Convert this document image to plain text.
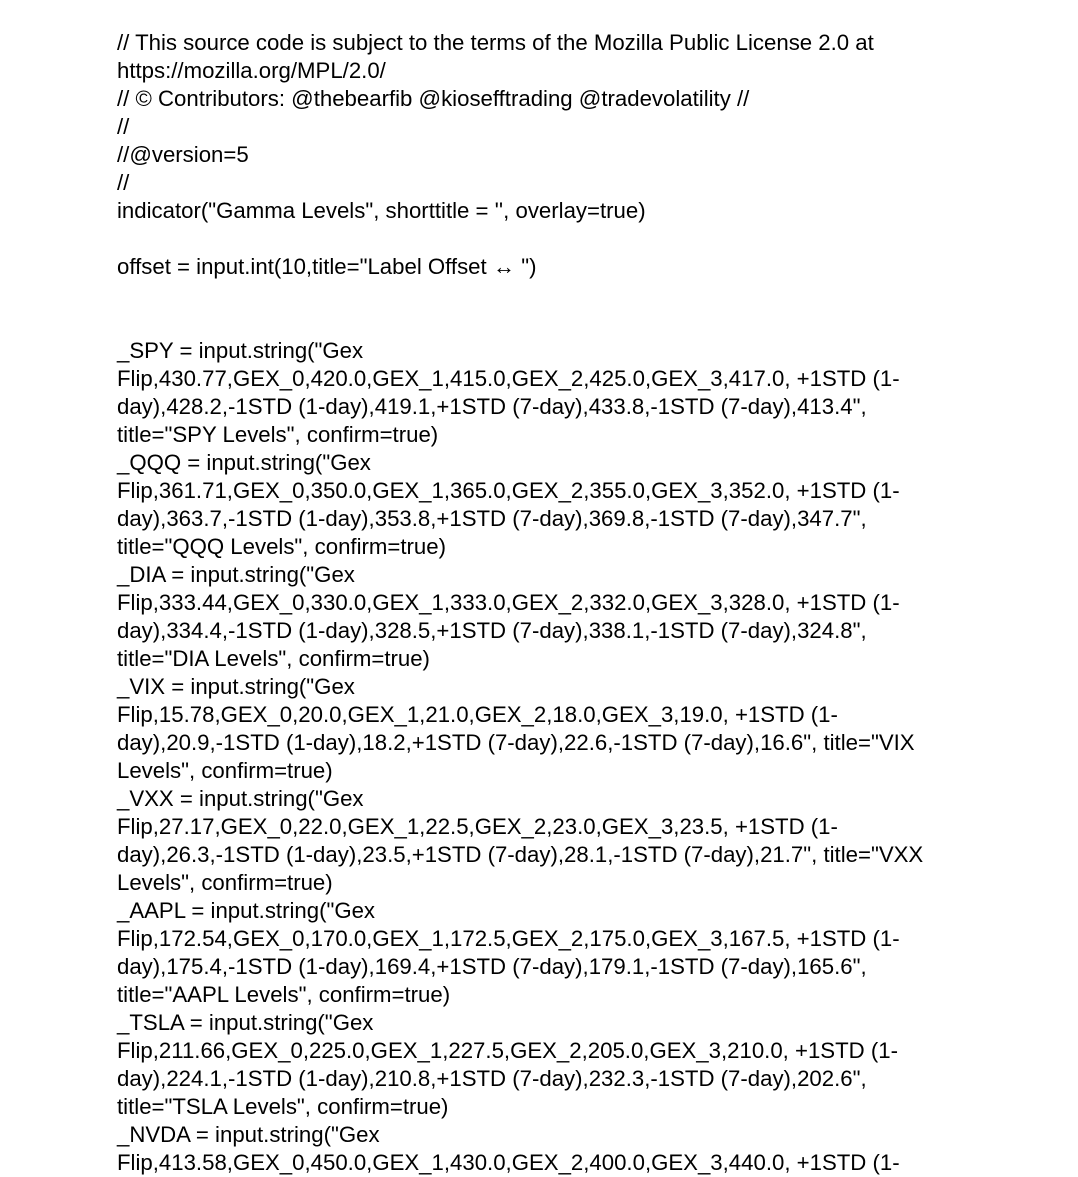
// This source code is subject to the terms of the Mozilla Public License 2.0 at
https://mozilla.org/MPL/2.0/
// © Contributors: @thebearfib @kiosefftrading @tradevolatility //
//
//@version=5
//
indicator("Gamma Levels", shorttitle = '', overlay=true)
offset = input.int(10,title="Label Offset ↔ ")
_SPY = input.string("Gex
Flip,430.77,GEX_0,420.0,GEX_1,415.0,GEX_2,425.0,GEX_3,417.0, +1STD (1-
day),428.2,-1STD (1-day),419.1,+1STD (7-day),433.8,-1STD (7-day),413.4",
title="SPY Levels", confirm=true)
_QQQ = input.string("Gex
Flip,361.71,GEX_0,350.0,GEX_1,365.0,GEX_2,355.0,GEX_3,352.0, +1STD (1-
day),363.7,-1STD (1-day),353.8,+1STD (7-day),369.8,-1STD (7-day),347.7",
title="QQQ Levels", confirm=true)
_DIA = input.string("Gex
Flip,333.44,GEX_0,330.0,GEX_1,333.0,GEX_2,332.0,GEX_3,328.0, +1STD (1-
day),334.4,-1STD (1-day),328.5,+1STD (7-day),338.1,-1STD (7-day),324.8",
title="DIA Levels", confirm=true)
_VIX = input.string("Gex
Flip,15.78,GEX_0,20.0,GEX_1,21.0,GEX_2,18.0,GEX_3,19.0, +1STD (1-
day),20.9,-1STD (1-day),18.2,+1STD (7-day),22.6,-1STD (7-day),16.6", title="VIX
Levels", confirm=true)
_VXX = input.string("Gex
Flip,27.17,GEX_0,22.0,GEX_1,22.5,GEX_2,23.0,GEX_3,23.5, +1STD (1-
day),26.3,-1STD (1-day),23.5,+1STD (7-day),28.1,-1STD (7-day),21.7", title="VXX
Levels", confirm=true)
_AAPL = input.string("Gex
Flip,172.54,GEX_0,170.0,GEX_1,172.5,GEX_2,175.0,GEX_3,167.5, +1STD (1-
day),175.4,-1STD (1-day),169.4,+1STD (7-day),179.1,-1STD (7-day),165.6",
title="AAPL Levels", confirm=true)
_TSLA = input.string("Gex
Flip,211.66,GEX_0,225.0,GEX_1,227.5,GEX_2,205.0,GEX_3,210.0, +1STD (1-
day),224.1,-1STD (1-day),210.8,+1STD (7-day),232.3,-1STD (7-day),202.6",
title="TSLA Levels", confirm=true)
_NVDA = input.string("Gex
Flip,413.58,GEX_0,450.0,GEX_1,430.0,GEX_2,400.0,GEX_3,440.0, +1STD (1-
